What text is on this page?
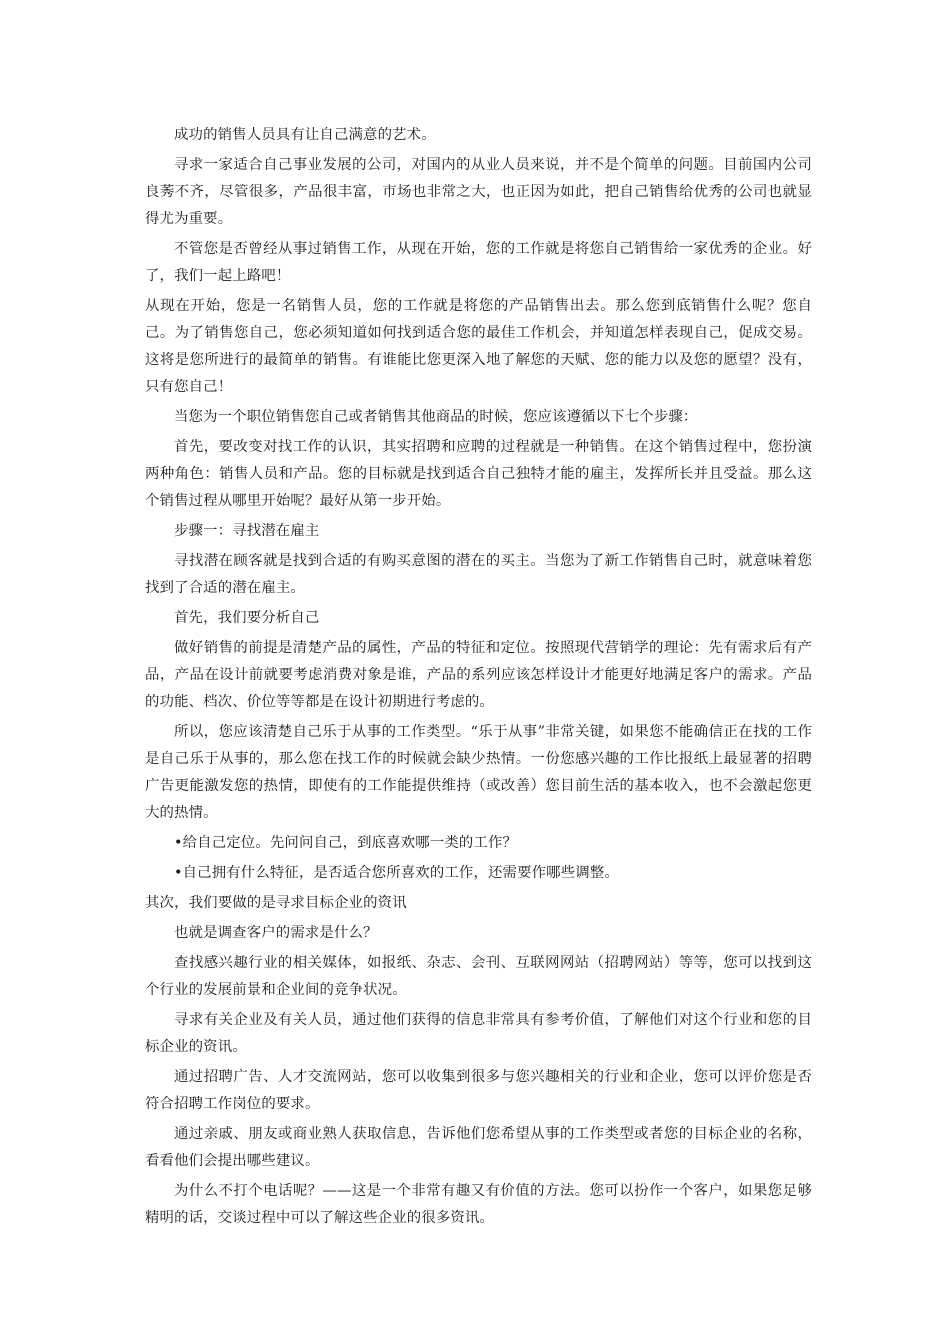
成功的销售人员具有让自己满意的艺术。

寻求一家适合自己事业发展的公司，对国内的从业人员来说，并不是个简单的问题。目前国内公司良莠不齐，尽管很多，产品很丰富，市场也非常之大，也正因为如此，把自己销售给优秀的公司也就显得尤为重要。

不管您是否曾经从事过销售工作，从现在开始，您的工作就是将您自己销售给一家优秀的企业。好了，我们一起上路吧！

从现在开始，您是一名销售人员，您的工作就是将您的产品销售出去。那么您到底销售什么呢？您自己。为了销售您自己，您必须知道如何找到适合您的最佳工作机会，并知道怎样表现自己，促成交易。这将是您所进行的最简单的销售。有谁能比您更深入地了解您的天赋、您的能力以及您的愿望？没有，只有您自己！

当您为一个职位销售您自己或者销售其他商品的时候，您应该遵循以下七个步骤：

首先，要改变对找工作的认识，其实招聘和应聘的过程就是一种销售。在这个销售过程中，您扮演两种角色：销售人员和产品。您的目标就是找到适合自己独特才能的雇主，发挥所长并且受益。那么这个销售过程从哪里开始呢？最好从第一步开始。

步骤一：寻找潜在雇主

寻找潜在顾客就是找到合适的有购买意图的潜在的买主。当您为了新工作销售自己时，就意味着您找到了合适的潜在雇主。

首先，我们要分析自己

做好销售的前提是清楚产品的属性，产品的特征和定位。按照现代营销学的理论：先有需求后有产品，产品在设计前就要考虑消费对象是谁，产品的系列应该怎样设计才能更好地满足客户的需求。产品的功能、档次、价位等等都是在设计初期进行考虑的。

所以，您应该清楚自己乐于从事的工作类型。“乐于从事”非常关键，如果您不能确信正在找的工作是自己乐于从事的，那么您在找工作的时候就会缺少热情。一份您感兴趣的工作比报纸上最显著的招聘广告更能激发您的热情，即使有的工作能提供维持（或改善）您目前生活的基本收入，也不会激起您更大的热情。

•给自己定位。先问问自己，到底喜欢哪一类的工作？

•自己拥有什么特征，是否适合您所喜欢的工作，还需要作哪些调整。

其次，我们要做的是寻求目标企业的资讯

也就是调查客户的需求是什么？

查找感兴趣行业的相关媒体，如报纸、杂志、会刊、互联网网站（招聘网站）等等，您可以找到这个行业的发展前景和企业间的竞争状况。

寻求有关企业及有关人员，通过他们获得的信息非常具有参考价值，了解他们对这个行业和您的目标企业的资讯。

通过招聘广告、人才交流网站，您可以收集到很多与您兴趣相关的行业和企业，您可以评价您是否符合招聘工作岗位的要求。

通过亲戚、朋友或商业熟人获取信息，告诉他们您希望从事的工作类型或者您的目标企业的名称，看看他们会提出哪些建议。

为什么不打个电话呢？——这是一个非常有趣又有价值的方法。您可以扮作一个客户，如果您足够精明的话，交谈过程中可以了解这些企业的很多资讯。
